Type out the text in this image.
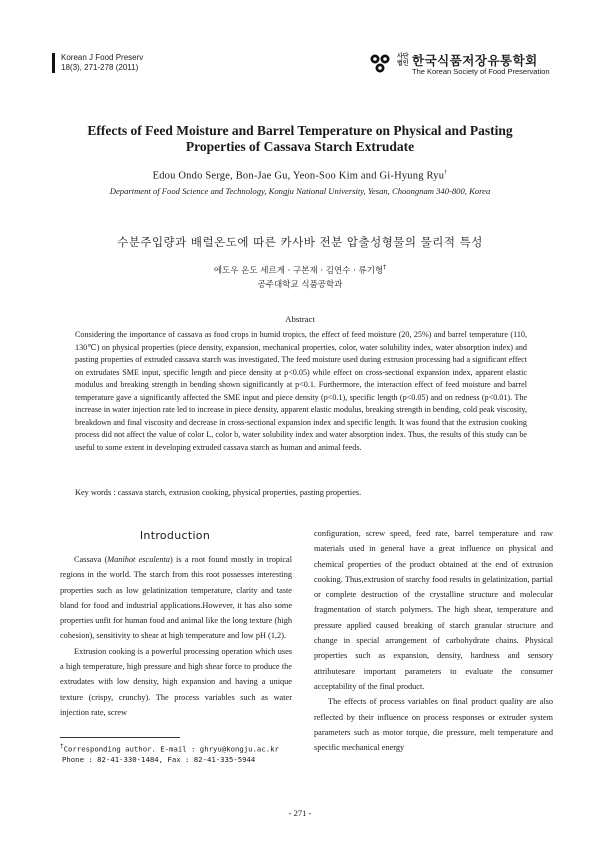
Korean J Food Preserv
18(3), 271-278 (2011)
사단 법인 한국식품저장유통학회
The Korean Society of Food Preservation
Effects of Feed Moisture and Barrel Temperature on Physical and Pasting
Properties of Cassava Starch Extrudate
Edou Ondo Serge, Bon-Jae Gu, Yeon-Soo Kim and Gi-Hyung Ryu†
Department of Food Science and Technology, Kongju National University, Yesan, Choongnam 340-800, Korea
수분주입량과 배럴온도에 따른 카사바 전분 압출성형물의 물리적 특성
에도우 온도 세르게 · 구본재 · 김연수 · 류기형†
공주대학교 식품공학과
Abstract

Considering the importance of cassava as food crops in humid tropics, the effect of feed moisture (20, 25%) and barrel temperature (110, 130℃) on physical properties (piece density, expansion, mechanical properties, color, water solubility index, water absorption index) and pasting properties of extruded cassava starch was investigated. The feed moisture used during extrusion processing had a significant effect on extrudates SME input, specific length and piece density at p<0.05) while effect on cross-sectional expansion index, apparent elastic modulus and breaking strength in bending shown significantly at p<0.1. Furthermore, the interaction effect of feed moisture and barrel temperature gave a significantly affected the SME input and piece density (p<0.1), specific length (p<0.05) and on redness (p<0.01). The increase in water injection rate led to increase in piece density, apparent elastic modulus, breaking strength in bending, cold peak viscosity, breakdown and final viscosity and decrease in cross-sectional expansion index and specific length. It was found that the extrusion cooking process did not affect the value of color L, color b, water solubility index and water absorption index. Thus, the results of this study can be useful to some extent in developing extruded cassava starch as human and animal feeds.

Key words : cassava starch, extrusion cooking, physical properties, pasting properties.
Introduction

Cassava (Manihot esculenta) is a root found mostly in tropical regions in the world. The starch from this root possesses interesting properties such as low gelatinization temperature, clarity and taste bland for food and industrial applications.However, it has also some properties unfit for human food and animal like the long texture (high cohesion), sensitivity to shear at high temperature and low pH (1,2).

Extrusion cooking is a powerful processing operation which uses a high temperature, high pressure and high shear force to produce the extrudates with low density, high expansion and having a unique texture (crispy, crunchy). The process variables such as water injection rate, screw

configuration, screw speed, feed rate, barrel temperature and raw materials used in general have a great influence on physical and chemical properties of the product obtained at the end of extrusion cooking. Thus,extrusion of starchy food results in gelatinization, partial or complete destruction of the crystalline structure and molecular fragmentation of starch polymers. The high shear, temperature and pressure applied caused breaking of starch granular structure and change in special arrangement of carbohydrate chains. Physical properties such as expansion, density, hardness and sensory attributesare important parameters to evaluate the consumer acceptability of the final product.

The effects of process variables on final product quality are also reflected by their influence on process responses or extruder system parameters such as motor torque, die pressure, melt temperature and specific mechanical energy

†Corresponding author. E-mail : ghryu@kongju.ac.kr
Phone : 82-41-330-1484, Fax : 82-41-335-5944
- 271 -
